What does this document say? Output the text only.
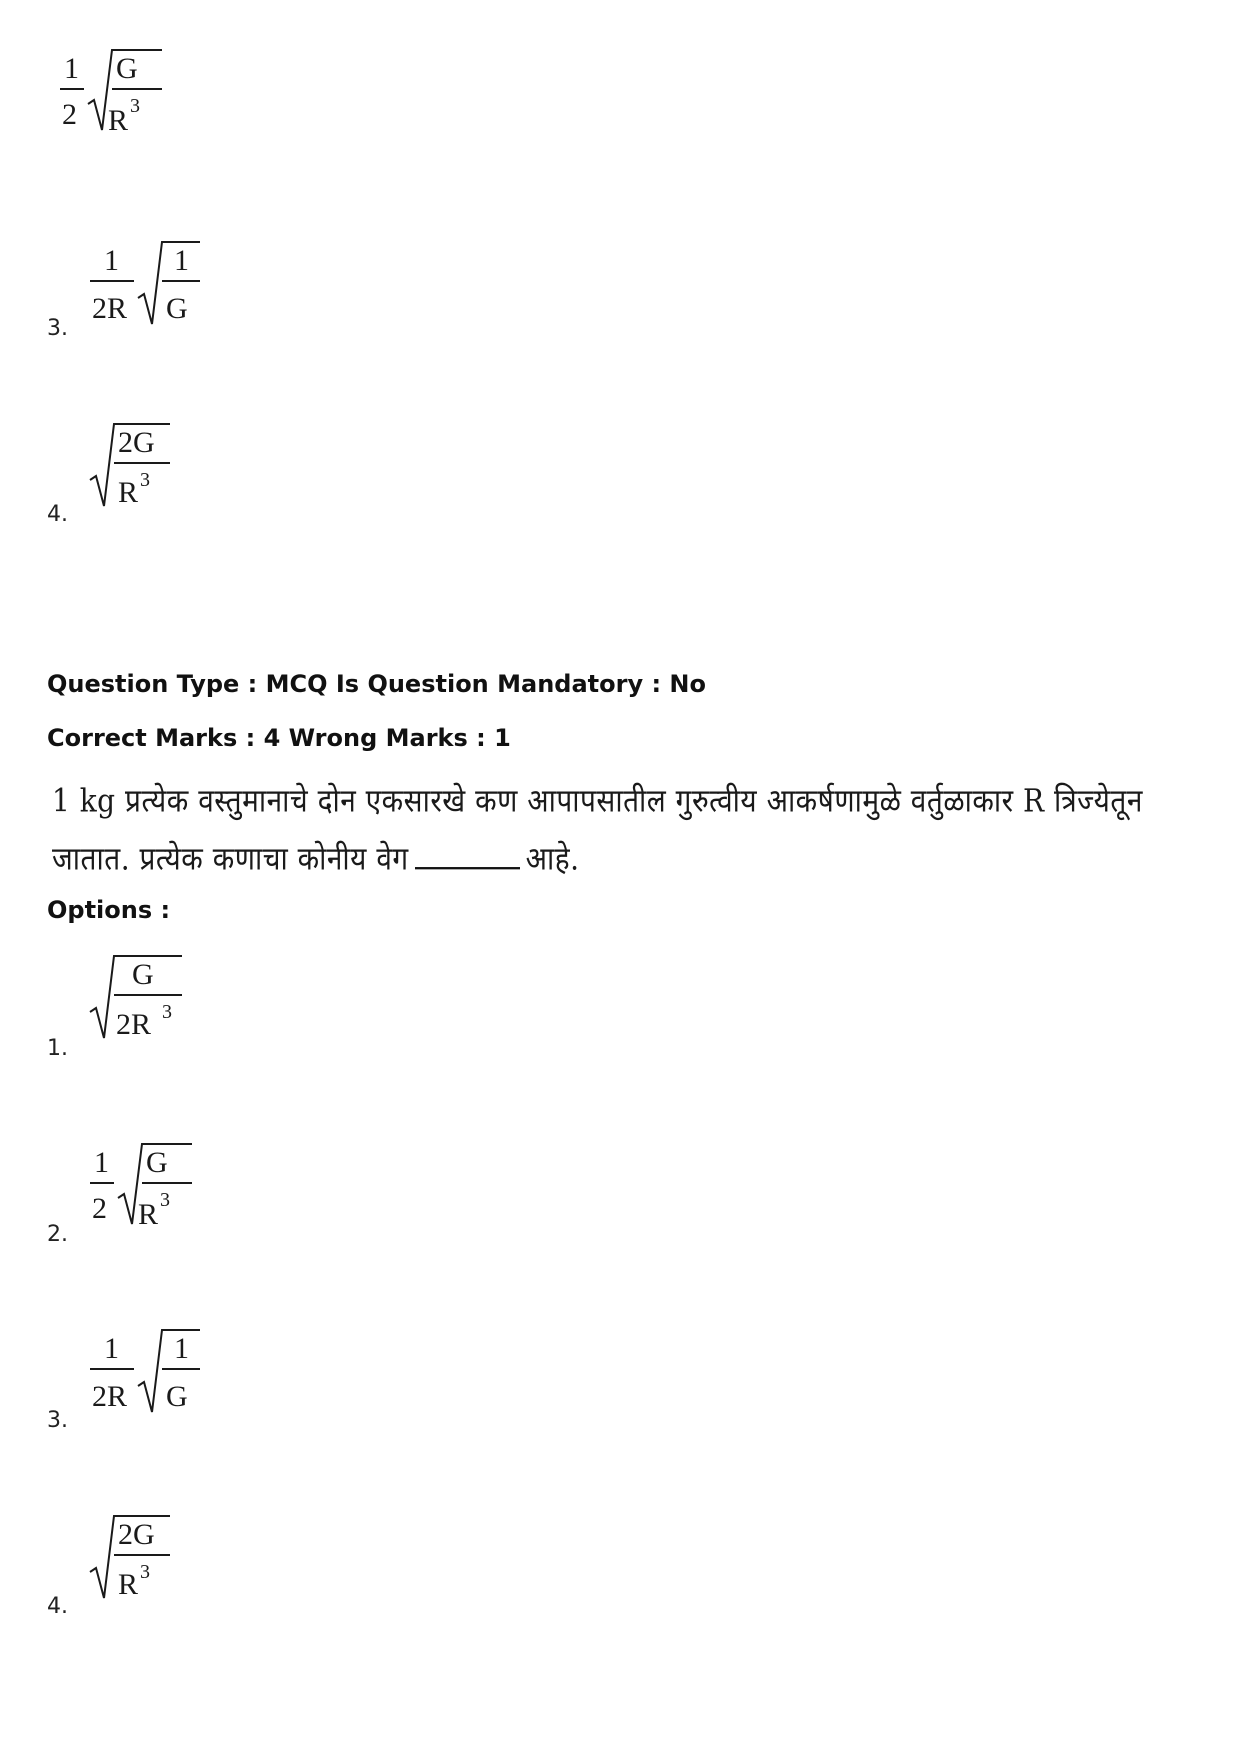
1
2
G
R 3
3.
1
2R
1
G
4.
2G
R 3
Question Type : MCQ Is Question Mandatory : No
Correct Marks : 4 Wrong Marks : 1
1 kg प्रत्येक वस्तुमानाचे दोन एकसारखे कण आपापसातील गुरुत्वीय आकर्षणामुळे वर्तुळाकार R त्रिज्येतून
जातात. प्रत्येक कणाचा कोनीय वेग	आहे.
Options :
1.
G
2R 3
2.
1
2
G
R 3
3.
1
2R
1
G
4.
2G
R 3
